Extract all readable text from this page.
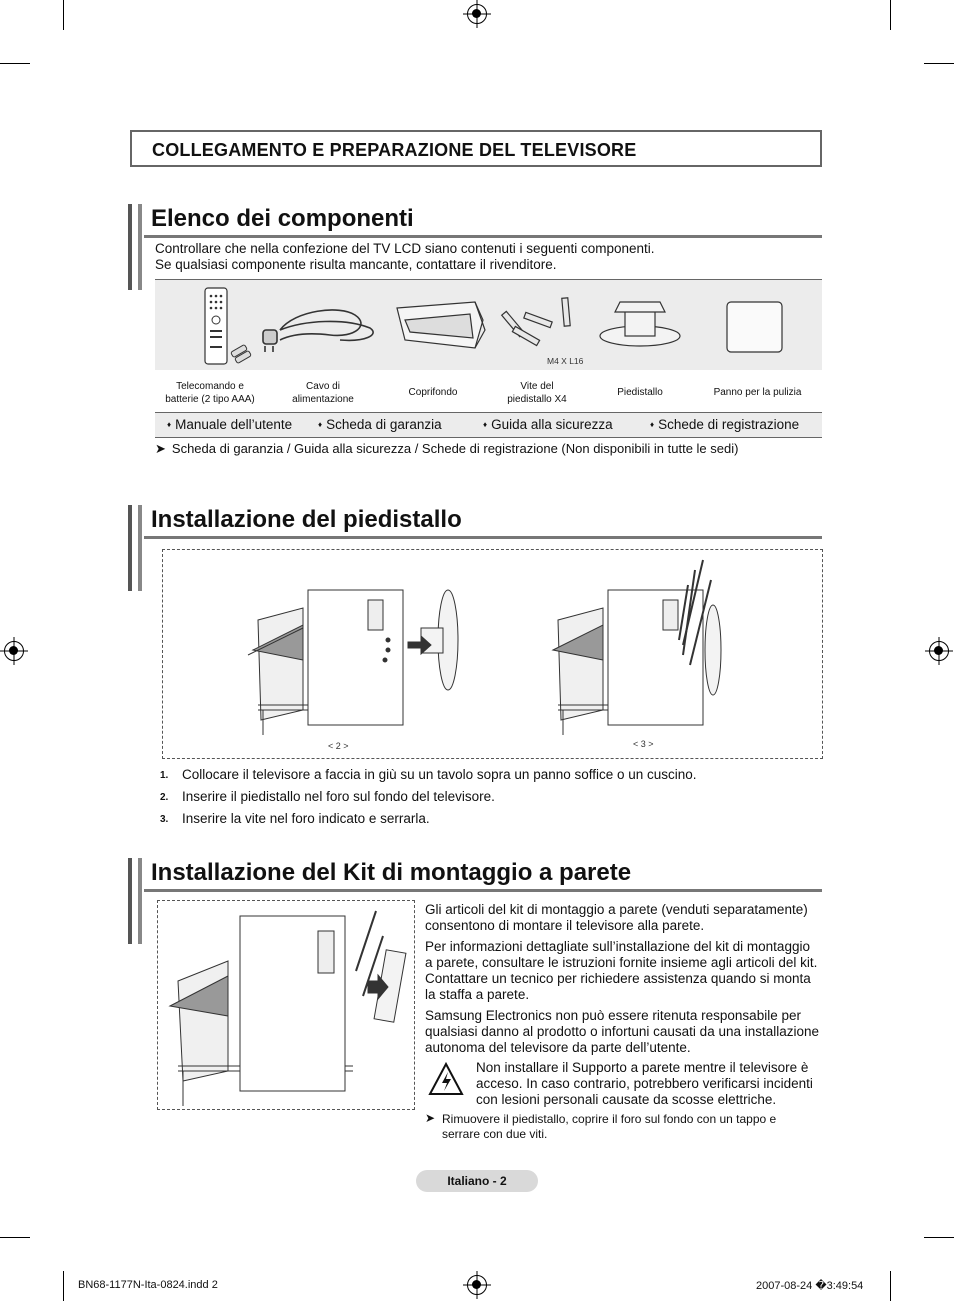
COLLEGAMENTO E PREPARAZIONE DEL TELEVISORE
Elenco dei componenti
Controllare che nella confezione del TV LCD siano contenuti i seguenti componenti.
Se qualsiasi componente risulta mancante, contattare il rivenditore.
M4 X L16
Telecomando e
batterie (2 tipo AAA)
Cavo di
alimentazione
Coprifondo
Vite del
piedistallo X4
Piedistallo	Panno per la pulizia
♦ Manuale dell’utente	♦ Scheda di garanzia	♦ Guida alla sicurezza	♦ Schede di registrazione
➤ Scheda di garanzia / Guida alla sicurezza / Schede di registrazione (Non disponibili in tutte le sedi)
Installazione del piedistallo
< 2 >	< 3 >
1. Collocare il televisore a faccia in giù su un tavolo sopra un panno soffice o un cuscino.
2. Inserire il piedistallo nel foro sul fondo del televisore.
3. Inserire la vite nel foro indicato e serrarla.
Installazione del Kit di montaggio a parete
Gli articoli del kit di montaggio a parete (venduti separatamente)
consentono di montare il televisore alla parete.
Per informazioni dettagliate sull’installazione del kit di montaggio
a parete, consultare le istruzioni fornite insieme agli articoli del kit.
Contattare un tecnico per richiedere assistenza quando si monta
la staffa a parete.
Samsung Electronics non può essere ritenuta responsabile per
qualsiasi danno al prodotto o infortuni causati da una installazione
autonoma del televisore da parte dell’utente.
Non installare il Supporto a parete mentre il televisore è
acceso. In caso contrario, potrebbero verificarsi incidenti
con lesioni personali causate da scosse elettriche.
➤ Rimuovere il piedistallo, coprire il foro sul fondo con un tappo e
serrare con due viti.
Italiano - 2
BN68-1177N-Ita-0824.indd 2	2007-08-24 �3:49:54
